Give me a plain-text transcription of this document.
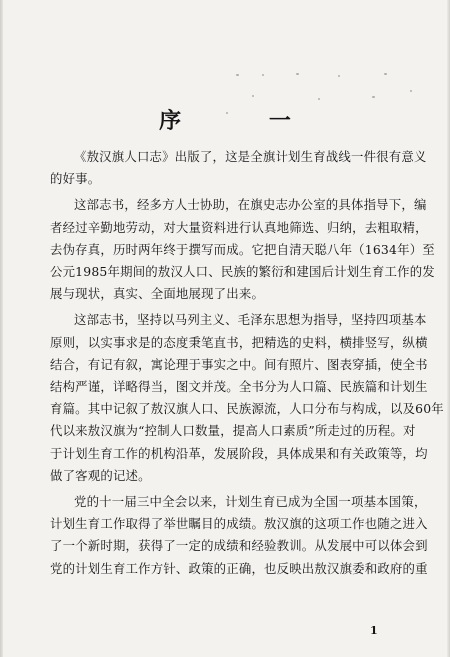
序 一
《敖汉旗人口志》出版了，这是全旗计划生育战线一件很有意义
的好事。
这部志书，经多方人士协助，在旗史志办公室的具体指导下，编
者经过辛勤地劳动，对大量资料进行认真地筛选、归纳，去粗取精，
去伪存真，历时两年终于撰写而成。它把自清天聪八年（1634年）至
公元1985年期间的敖汉人口、民族的繁衍和建国后计划生育工作的发
展与现状，真实、全面地展现了出来。
这部志书，坚持以马列主义、毛泽东思想为指导，坚持四项基本
原则，以实事求是的态度秉笔直书，把精选的史料，横排竖写，纵横
结合，有记有叙，寓论理于事实之中。间有照片、图表穿插，使全书
结构严谨，详略得当，图文并茂。全书分为人口篇、民族篇和计划生
育篇。其中记叙了敖汉旗人口、民族源流，人口分布与构成，以及60年
代以来敖汉旗为“控制人口数量，提高人口素质”所走过的历程。对
于计划生育工作的机构沿革，发展阶段，具体成果和有关政策等，均
做了客观的记述。
党的十一届三中全会以来，计划生育已成为全国一项基本国策，
计划生育工作取得了举世瞩目的成绩。敖汉旗的这项工作也随之进入
了一个新时期，获得了一定的成绩和经验教训。从发展中可以体会到
党的计划生育工作方针、政策的正确，也反映出敖汉旗委和政府的重
1
